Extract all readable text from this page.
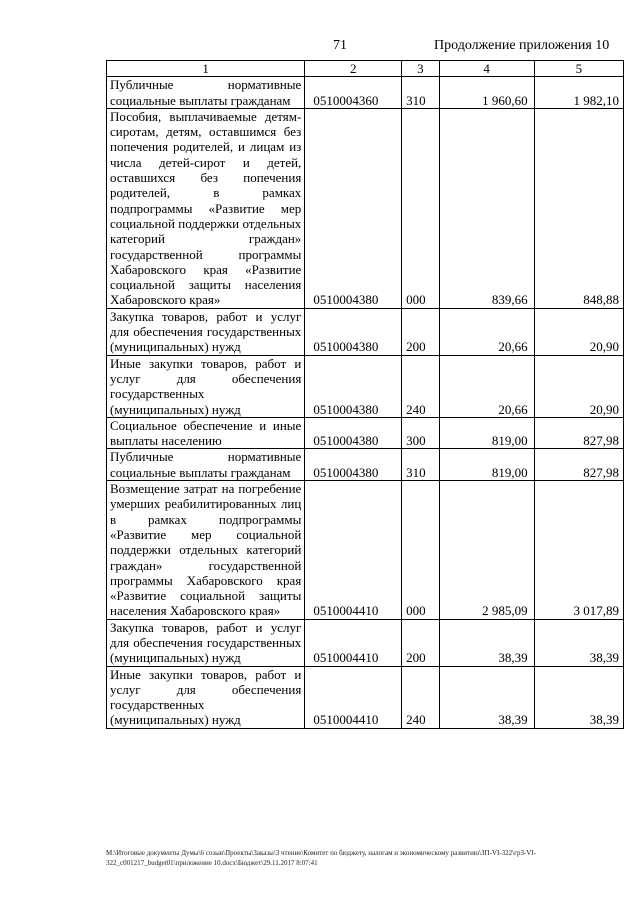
71	Продолжение приложения 10
1	2	3	4	5
Публичные нормативные социальные выплаты гражданам	0510004360	310	1 960,60	1 982,10
Пособия, выплачиваемые детям-сиротам, детям, оставшимся без попечения родителей, и лицам из числа детей-сирот и детей, оставшихся без попечения родителей, в рамках подпрограммы «Развитие мер социальной поддержки отдельных категорий граждан» государственной программы Хабаровского края «Развитие социальной защиты населения Хабаровского края»	0510004380	000	839,66	848,88
Закупка товаров, работ и услуг для обеспечения государственных (муниципальных) нужд	0510004380	200	20,66	20,90
Иные закупки товаров, работ и услуг для обеспечения государственных (муниципальных) нужд	0510004380	240	20,66	20,90
Социальное обеспечение и иные выплаты населению	0510004380	300	819,00	827,98
Публичные нормативные социальные выплаты гражданам	0510004380	310	819,00	827,98
Возмещение затрат на погребение умерших реабилитированных лиц в рамках подпрограммы «Развитие мер социальной поддержки отдельных категорий граждан» государственной программы Хабаровского края «Развитие социальной защиты населения Хабаровского края»	0510004410	000	2 985,09	3 017,89
Закупка товаров, работ и услуг для обеспечения государственных (муниципальных) нужд	0510004410	200	38,39	38,39
Иные закупки товаров, работ и услуг для обеспечения государственных (муниципальных) нужд	0510004410	240	38,39	38,39
M:\Итоговые документы Думы\6 созыв\Проекты\Заказы\3 чтение\Комитет по бюджету, налогам и экономическому развитию\ЗП-VI-322\гр3-VI-322_с001217_budget01\приложение 10.docx\Бюджет\29.11.2017 8:07:41
